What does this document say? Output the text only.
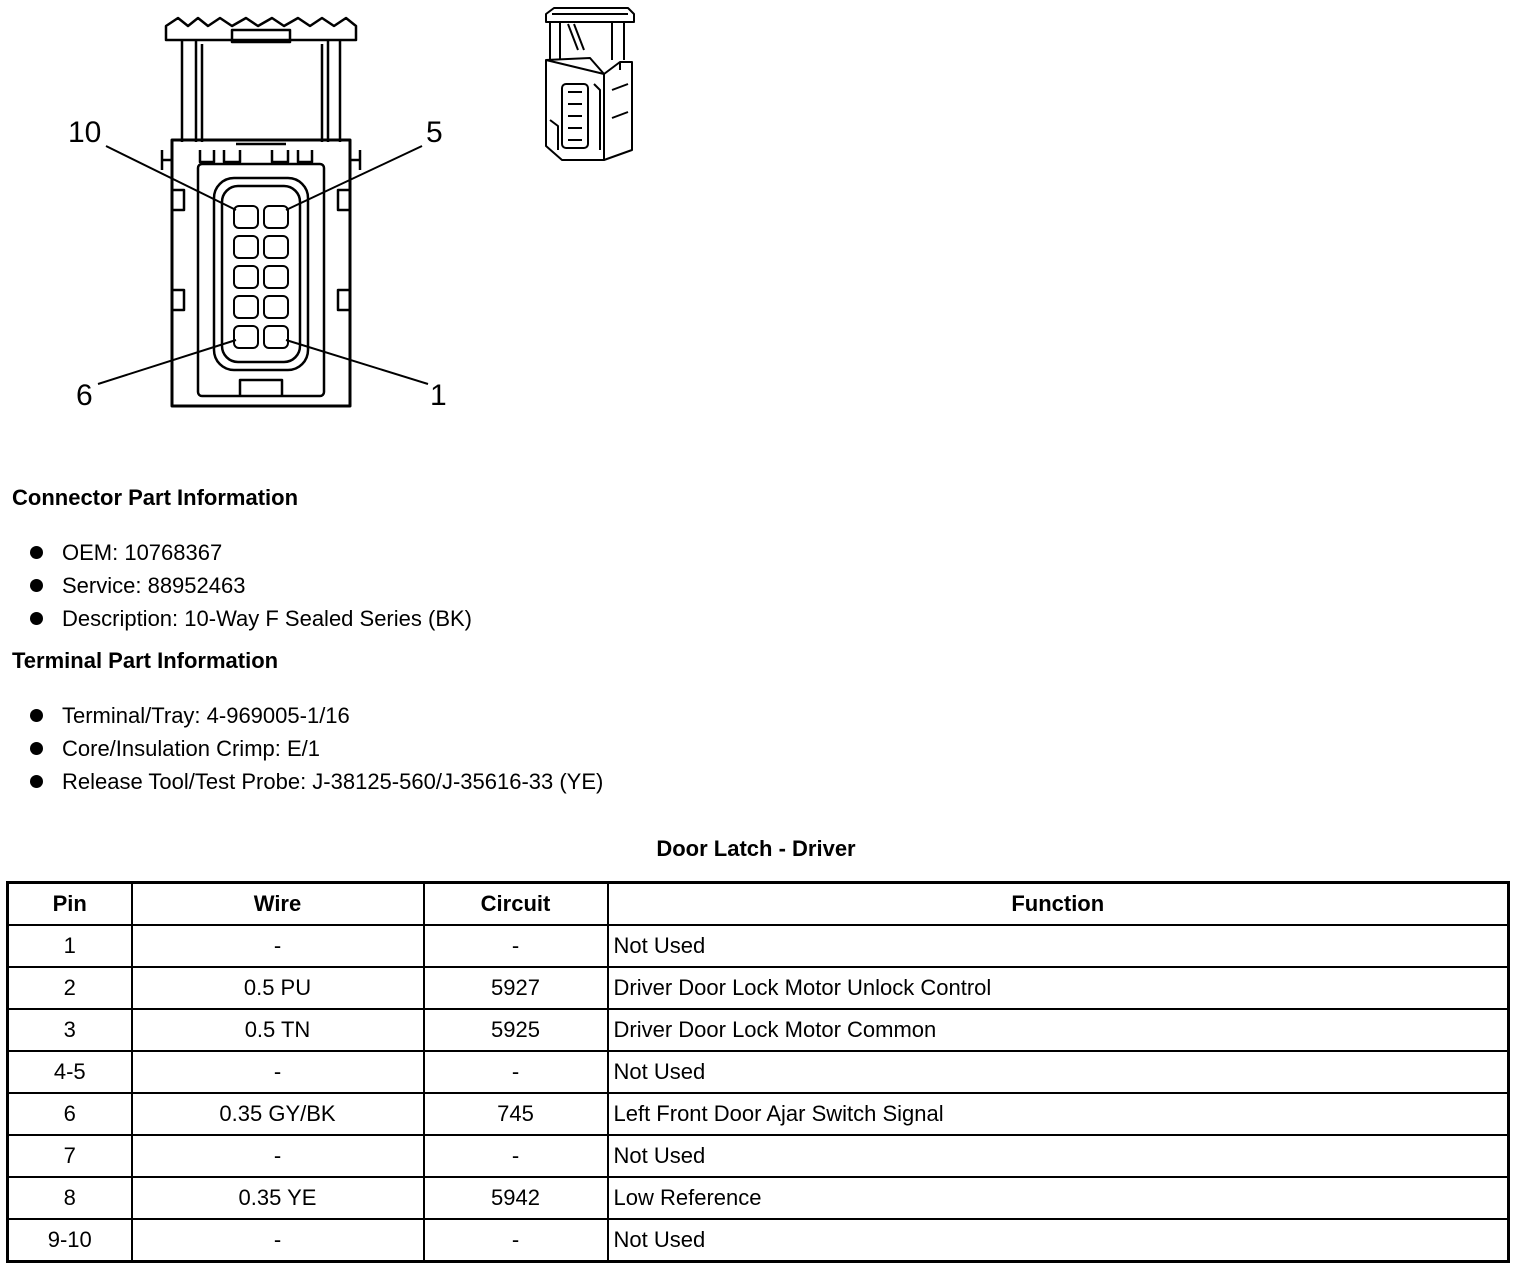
10	5
6	1
Connector Part Information
OEM: 10768367
Service: 88952463
Description: 10-Way F Sealed Series (BK)
Terminal Part Information
Terminal/Tray: 4-969005-1/16
Core/Insulation Crimp: E/1
Release Tool/Test Probe: J-38125-560/J-35616-33 (YE)
Door Latch - Driver
Pin	Wire	Circuit	Function
1	-	-	Not Used
2	0.5 PU	5927	Driver Door Lock Motor Unlock Control
3	0.5 TN	5925	Driver Door Lock Motor Common
4-5	-	-	Not Used
6	0.35 GY/BK	745	Left Front Door Ajar Switch Signal
7	-	-	Not Used
8	0.35 YE	5942	Low Reference
9-10	-	-	Not Used
